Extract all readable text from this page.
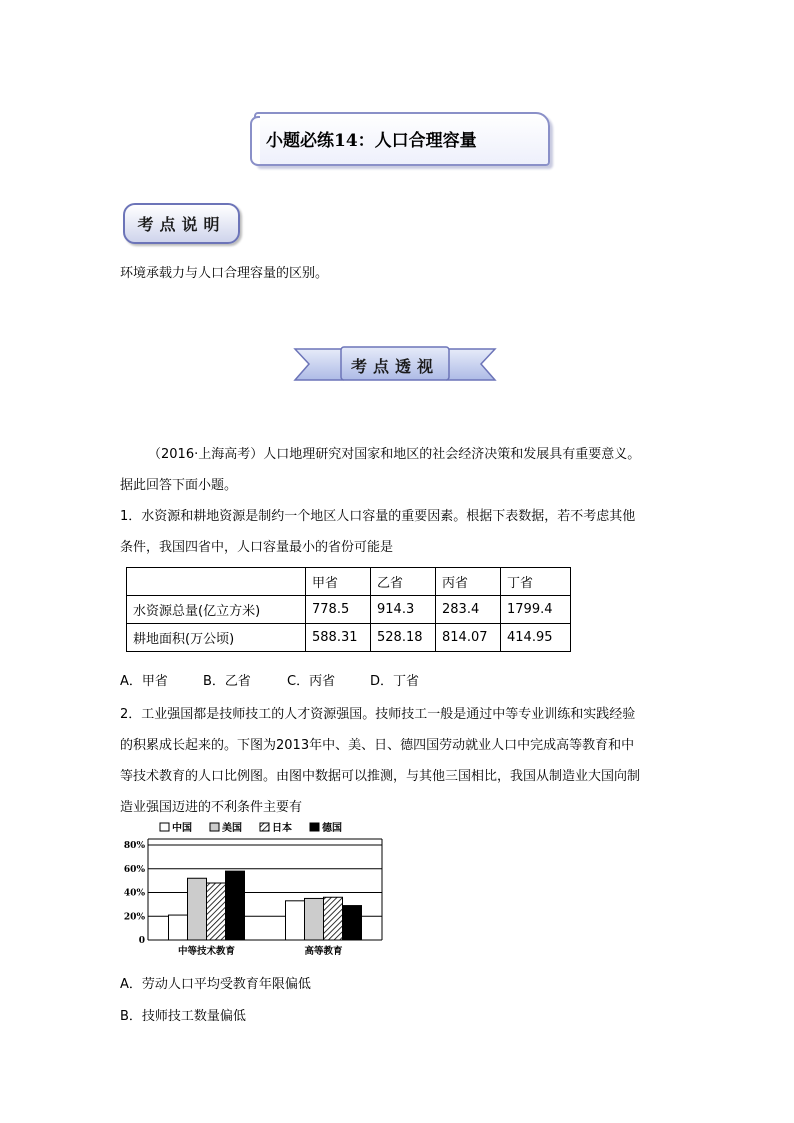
小题必练14：人口合理容量
考点说明
环境承载力与人口合理容量的区别。
考点透视
（2016·上海高考）人口地理研究对国家和地区的社会经济决策和发展具有重要意义。
据此回答下面小题。
1．水资源和耕地资源是制约一个地区人口容量的重要因素。根据下表数据，若不考虑其他
条件，我国四省中，人口容量最小的省份可能是
	甲省	乙省	丙省	丁省
水资源总量(亿立方米)	778.5	914.3	283.4	1799.4
耕地面积(万公顷)	588.31	528.18	814.07	414.95
A．甲省	B．乙省	C．丙省	D．丁省
2．工业强国都是技师技工的人才资源强国。技师技工一般是通过中等专业训练和实践经验
的积累成长起来的。下图为2013年中、美、日、德四国劳动就业人口中完成高等教育和中
等技术教育的人口比例图。由图中数据可以推测，与其他三国相比，我国从制造业大国向制
造业强国迈进的不利条件主要有
中国	美国	日本	德国
0
20%
40%
60%
80%
中等技术教育	高等教育
A．劳动人口平均受教育年限偏低
B．技师技工数量偏低
